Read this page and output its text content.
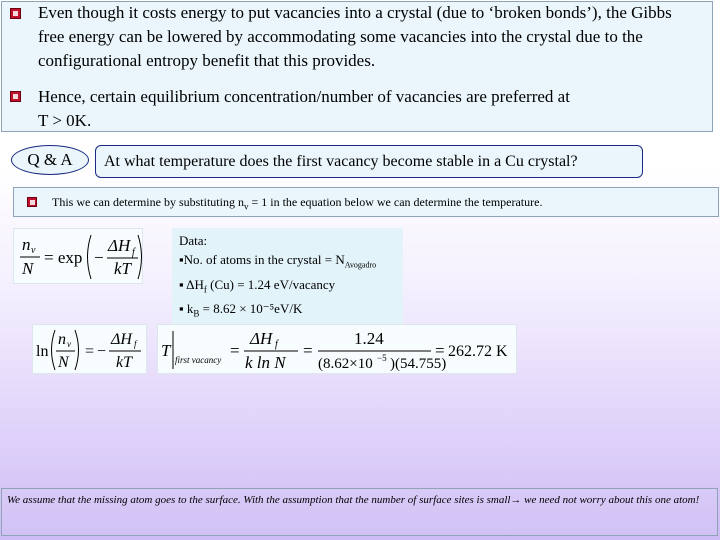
Even though it costs energy to put vacancies into a crystal (due to ‘broken bonds’), the Gibbs
free energy can be lowered by accommodating some vacancies into the crystal due to the
configurational entropy benefit that this provides.
Hence, certain equilibrium concentration/number of vacancies are preferred at
T > 0K.
Q & A At what temperature does the first vacancy become stable in a Cu crystal?
This we can determine by substituting $n_v = 1$ in the equation below we can determine the temperature.
n v
N
= exp −
ΔH f
kT
Data:
▪No. of atoms in the crystal = $N_{Avogadro}$
▪ $\Delta H_f$ (Cu) = 1.24 eV/vacancy
▪ $k_B = 8.62 \times 10^{-5}eV/K$
ln
n v
N
= −
ΔH f
kT
T first vacancy =
ΔH f
k ln N
=
1.24
(8.62×10 −5 )(54.755)
= 262.72 K
We assume that the missing atom goes to the surface. With the assumption that the number of surface sites is small→ we need not worry about this one atom!
